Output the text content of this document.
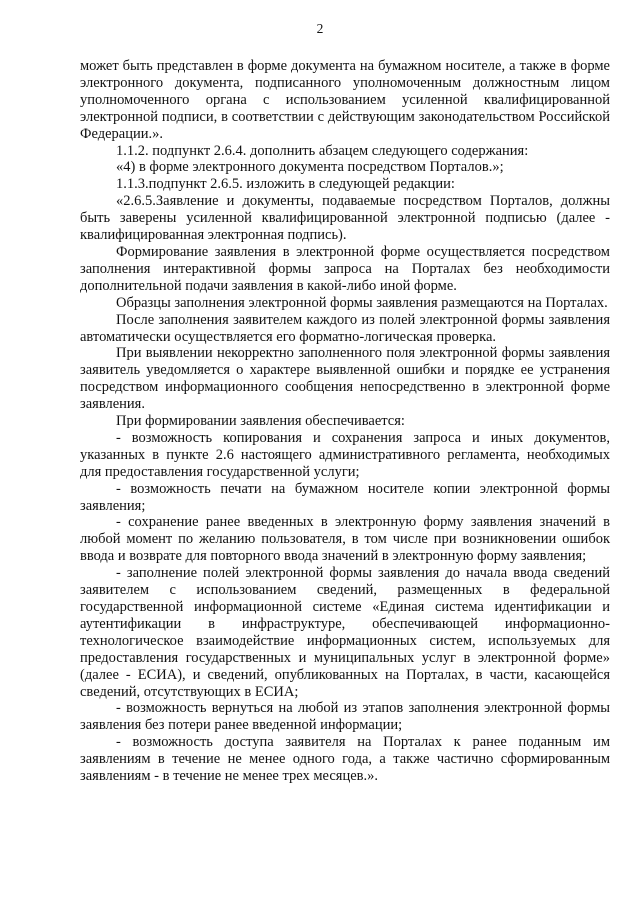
2

может быть представлен в форме документа на бумажном носителе, а также в форме электронного документа, подписанного уполномоченным должностным лицом уполномоченного органа с использованием усиленной квалифицированной электронной подписи, в соответствии с действующим законодательством Российской Федерации.».

1.1.2. подпункт 2.6.4. дополнить абзацем следующего содержания:

«4) в форме электронного документа посредством Порталов.»;

1.1.3.подпункт 2.6.5. изложить в следующей редакции:

«2.6.5.Заявление и документы, подаваемые посредством Порталов, должны быть заверены усиленной квалифицированной электронной подписью (далее - квалифицированная электронная подпись).

Формирование заявления в электронной форме осуществляется посредством заполнения интерактивной формы запроса на Порталах без необходимости дополнительной подачи заявления в какой-либо иной форме.

Образцы заполнения электронной формы заявления размещаются на Порталах.

После заполнения заявителем каждого из полей электронной формы заявления автоматически осуществляется его форматно-логическая проверка.

При выявлении некорректно заполненного поля электронной формы заявления заявитель уведомляется о характере выявленной ошибки и порядке ее устранения посредством информационного сообщения непосредственно в электронной форме заявления.

При формировании заявления обеспечивается:

- возможность копирования и сохранения запроса и иных документов, указанных в пункте 2.6 настоящего административного регламента, необходимых для предоставления государственной услуги;

- возможность печати на бумажном носителе копии электронной формы заявления;

- сохранение ранее введенных в электронную форму заявления значений в любой момент по желанию пользователя, в том числе при возникновении ошибок ввода и возврате для повторного ввода значений в электронную форму заявления;

- заполнение полей электронной формы заявления до начала ввода сведений заявителем с использованием сведений, размещенных в федеральной государственной информационной системе «Единая система идентификации и аутентификации в инфраструктуре, обеспечивающей информационно-технологическое взаимодействие информационных систем, используемых для предоставления государственных и муниципальных услуг в электронной форме» (далее - ЕСИА), и сведений, опубликованных на Порталах, в части, касающейся сведений, отсутствующих в ЕСИА;

- возможность вернуться на любой из этапов заполнения электронной формы заявления без потери ранее введенной информации;

- возможность доступа заявителя на Порталах к ранее поданным им заявлениям в течение не менее одного года, а также частично сформированным заявлениям - в течение не менее трех месяцев.».
